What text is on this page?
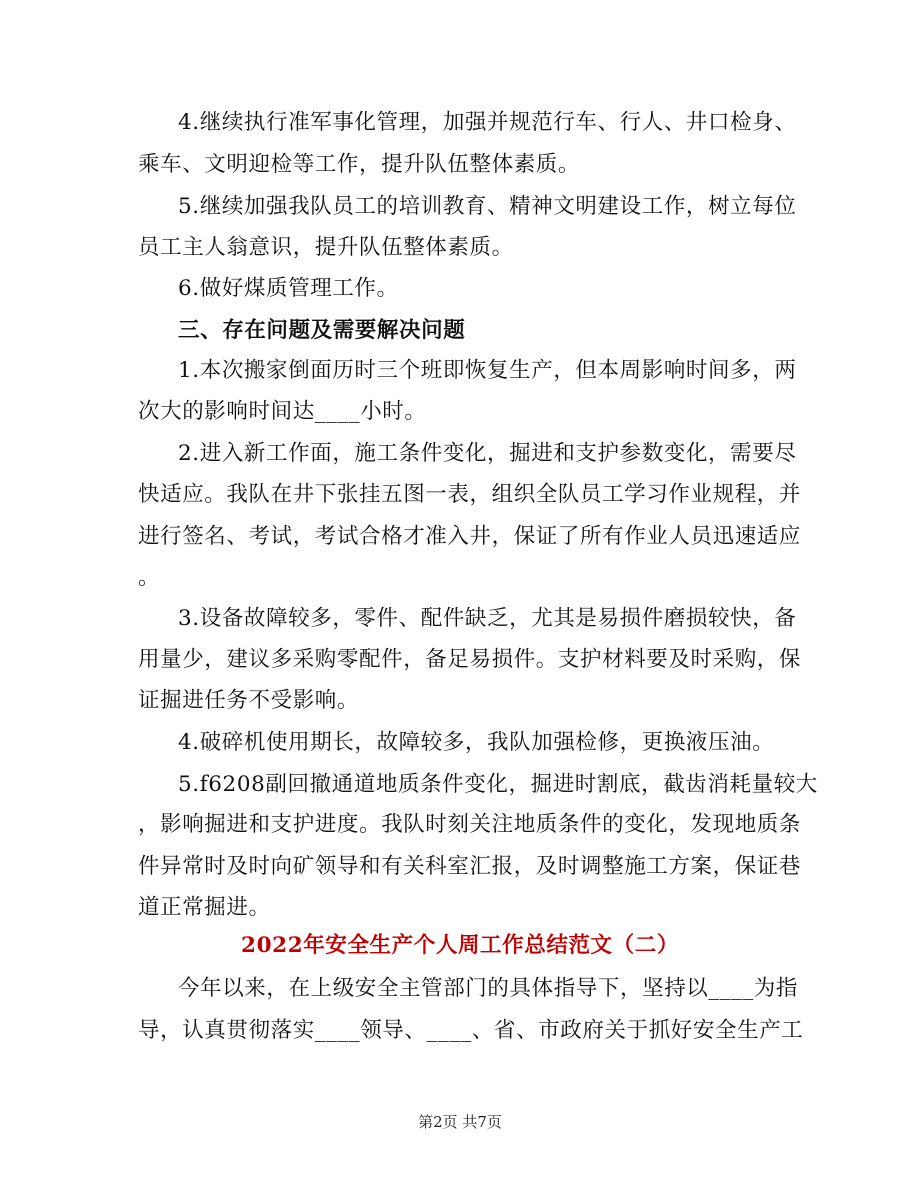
4.继续执行准军事化管理，加强并规范行车、行人、井口检身、
乘车、文明迎检等工作，提升队伍整体素质。
5.继续加强我队员工的培训教育、精神文明建设工作，树立每位
员工主人翁意识，提升队伍整体素质。
6.做好煤质管理工作。
三、存在问题及需要解决问题
1.本次搬家倒面历时三个班即恢复生产，但本周影响时间多，两
次大的影响时间达____小时。
2.进入新工作面，施工条件变化，掘进和支护参数变化，需要尽
快适应。我队在井下张挂五图一表，组织全队员工学习作业规程，并
进行签名、考试，考试合格才准入井，保证了所有作业人员迅速适应
。
3.设备故障较多，零件、配件缺乏，尤其是易损件磨损较快，备
用量少，建议多采购零配件，备足易损件。支护材料要及时采购，保
证掘进任务不受影响。
4.破碎机使用期长，故障较多，我队加强检修，更换液压油。
5.f6208副回撤通道地质条件变化，掘进时割底，截齿消耗量较大
，影响掘进和支护进度。我队时刻关注地质条件的变化，发现地质条
件异常时及时向矿领导和有关科室汇报，及时调整施工方案，保证巷
道正常掘进。
2022年安全生产个人周工作总结范文（二）
今年以来，在上级安全主管部门的具体指导下，坚持以____为指
导，认真贯彻落实____领导、____、省、市政府关于抓好安全生产工
第2页 共7页
